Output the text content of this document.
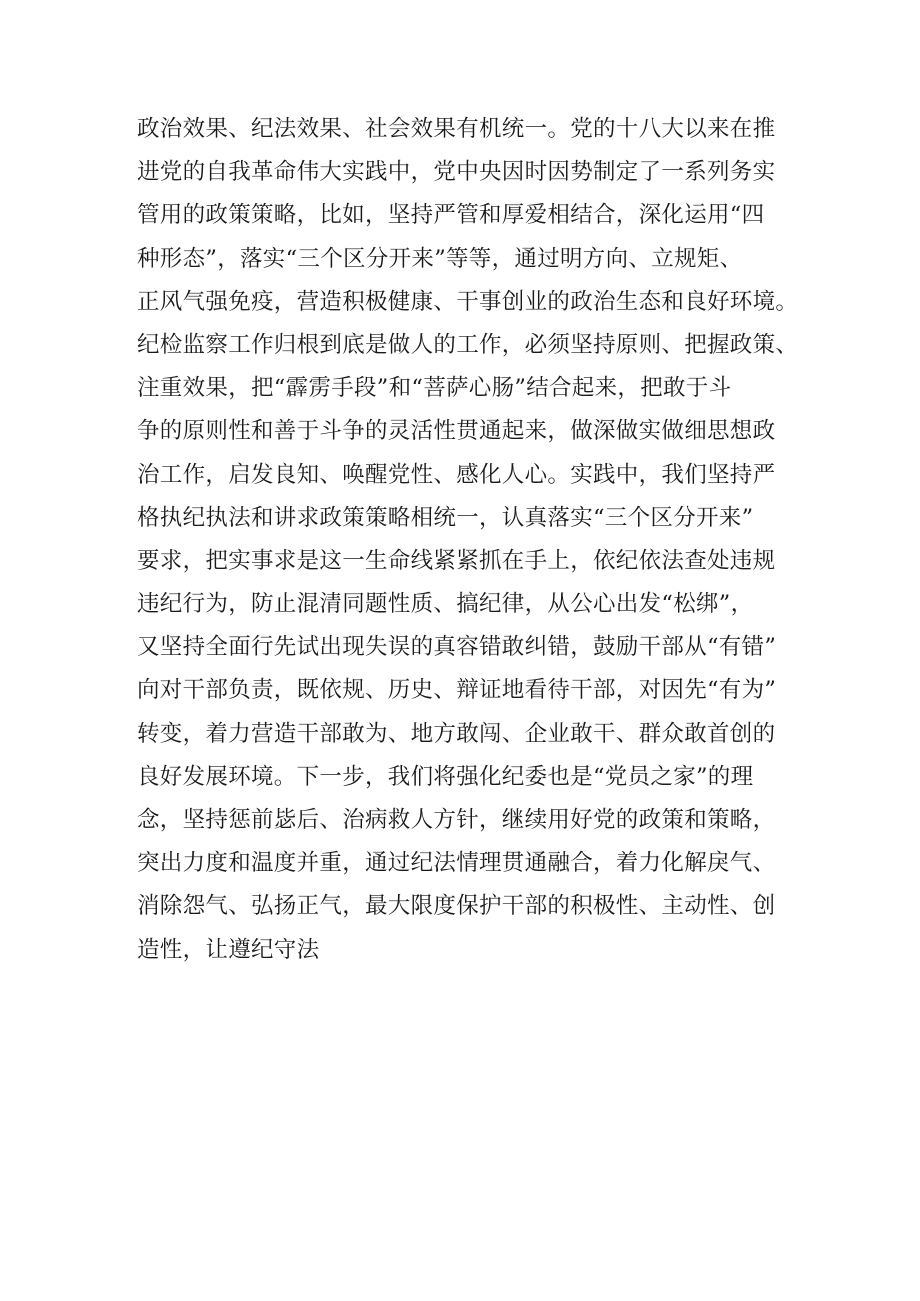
政治效果、纪法效果、社会效果有机统一。党的十八大以来在推
进党的自我革命伟大实践中，党中央因时因势制定了一系列务实
管用的政策策略，比如，坚持严管和厚爱相结合，深化运用“四
种形态”，落实“三个区分开来”等等，通过明方向、立规矩、
正风气强免疫，营造积极健康、干事创业的政治生态和良好环境。
纪检监察工作归根到底是做人的工作，必须坚持原则、把握政策、
注重效果，把“霹雳手段”和“菩萨心肠”结合起来，把敢于斗
争的原则性和善于斗争的灵活性贯通起来，做深做实做细思想政
治工作，启发良知、唤醒党性、感化人心。实践中，我们坚持严
格执纪执法和讲求政策策略相统一，认真落实“三个区分开来”
要求，把实事求是这一生命线紧紧抓在手上，依纪依法查处违规
违纪行为，防止混清同题性质、搞纪律，从公心出发“松绑”，
又坚持全面行先试出现失误的真容错敢纠错，鼓励干部从“有错”
向对干部负责，既依规、历史、辩证地看待干部，对因先“有为”
转变，着力营造干部敢为、地方敢闯、企业敢干、群众敢首创的
良好发展环境。下一步，我们将强化纪委也是“党员之家”的理
念，坚持惩前毖后、治病救人方针，继续用好党的政策和策略，
突出力度和温度并重，通过纪法情理贯通融合，着力化解戾气、
消除怨气、弘扬正气，最大限度保护干部的积极性、主动性、创
造性，让遵纪守法
